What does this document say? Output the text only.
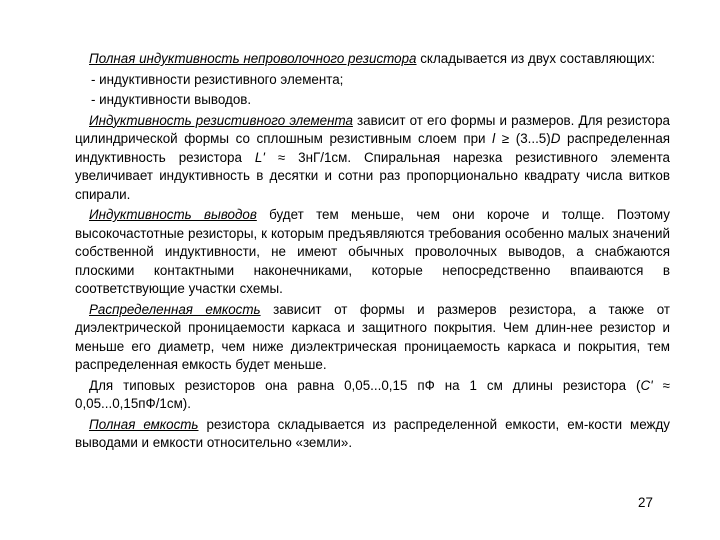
Полная индуктивность непроволочного резистора складывается из двух составляющих:

- индуктивности резистивного элемента;

- индуктивности выводов.

Индуктивность резистивного элемента зависит от его формы и размеров. Для резистора цилиндрической формы со сплошным резистивным слоем при l ≥ (3...5)D распределенная индуктивность резистора L' ≈ 3нГ/1см. Спиральная нарезка резистивного элемента увеличивает индуктивность в десятки и сотни раз пропорционально квадрату числа витков спирали.

Индуктивность выводов будет тем меньше, чем они короче и толще. Поэтому высокочастотные резисторы, к которым предъявляются требования особенно малых значений собственной индуктивности, не имеют обычных проволочных выводов, а снабжаются плоскими контактными наконечниками, которые непосредственно впаиваются в соответствующие участки схемы.

Распределенная емкость зависит от формы и размеров резистора, а также от диэлектрической проницаемости каркаса и защитного покрытия. Чем длин-нее резистор и меньше его диаметр, чем ниже диэлектрическая проницаемость каркаса и покрытия, тем распределенная емкость будет меньше.

Для типовых резисторов она равна 0,05...0,15 пФ на 1 см длины резистора (C' ≈ 0,05...0,15пФ/1см).

Полная емкость резистора складывается из распределенной емкости, ем-кости между выводами и емкости относительно «земли».

27
